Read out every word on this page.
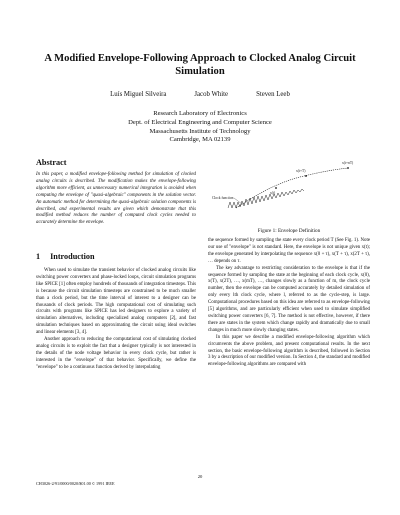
A Modified Envelope-Following Approach to Clocked Analog Circuit Simulation
Luís Miguel Silveira	Jacob White	Steven Leeb
Research Laboratory of Electronics
Dept. of Electrical Engineering and Computer Science
Massachusetts Institute of Technology
Cambridge, MA 02139
Abstract

In this paper, a modified envelope-following method for simulation of clocked analog circuits is described. The modification makes the envelope-following algorithm more efficient, as unnecessary numerical integration is avoided when computing the envelope of "quasi-algebraic" components in the solution vector. An automatic method for determining the quasi-algebraic solution components is described, and experimental results are given which demonstrate that this modified method reduces the number of computed clock cycles needed to accurately determine the envelope.

1 Introduction

When used to simulate the transient behavior of clocked analog circuits like switching power converters and phase-locked loops, circuit simulation programs like SPICE [1] often employ hundreds of thousands of integration timesteps. This is because the circuit simulation timesteps are constrained to be much smaller than a clock period, but the time interval of interest to a designer can be thousands of clock periods. The high computational cost of simulating such circuits with programs like SPICE has led designers to explore a variety of simulation alternatives, including specialized analog computers [2], and fast simulation techniques based on approximating the circuit using ideal switches and linear elements [3, 4].

Another approach to reducing the computational cost of simulating clocked analog circuits is to exploit the fact that a designer typically is not interested in the details of the node voltage behavior in every clock cycle, but rather is interested in the "envelope" of that behavior. Specifically, we define the "envelope" to be a continuous function derived by interpolating

Clock function
x(t)
x(t+T)
x(t+nT)
Figure 1: Envelope Definition

the sequence formed by sampling the state every clock period T (See Fig. 1). Note our use of "envelope" is not standard. Here, the envelope is not unique given x(t); the envelope generated by interpolating the sequence x(0 + τ), x(T + τ), x(2T + τ), … depends on τ.

The key advantage to restricting consideration to the envelope is that if the sequence formed by sampling the state at the beginning of each clock cycle, x(0), x(T), x(2T), …, x(mT), …, changes slowly as a function of m, the clock cycle number, then the envelope can be computed accurately by detailed simulation of only every lth clock cycle, where l, referred to as the cycle-step, is large. Computational procedures based on this idea are referred to as envelope-following [5] algorithms, and are particularly efficient when used to simulate simplified switching power converters [6, 7]. The method is not effective, however, if there there are states in the system which change rapidly and dramatically due to small changes in much more slowly changing states.

In this paper we describe a modified envelope-following algorithm which circumvents the above problem, and present computational results. In the next section, the basic envelope-following algorithm is described, followed in Section 3 by a description of our modified version. In Section 4, the standard and modified envelope-following algorithms are compared with

20
CH3026-2/91/0000/0020/$01.00 © 1991 IEEE
